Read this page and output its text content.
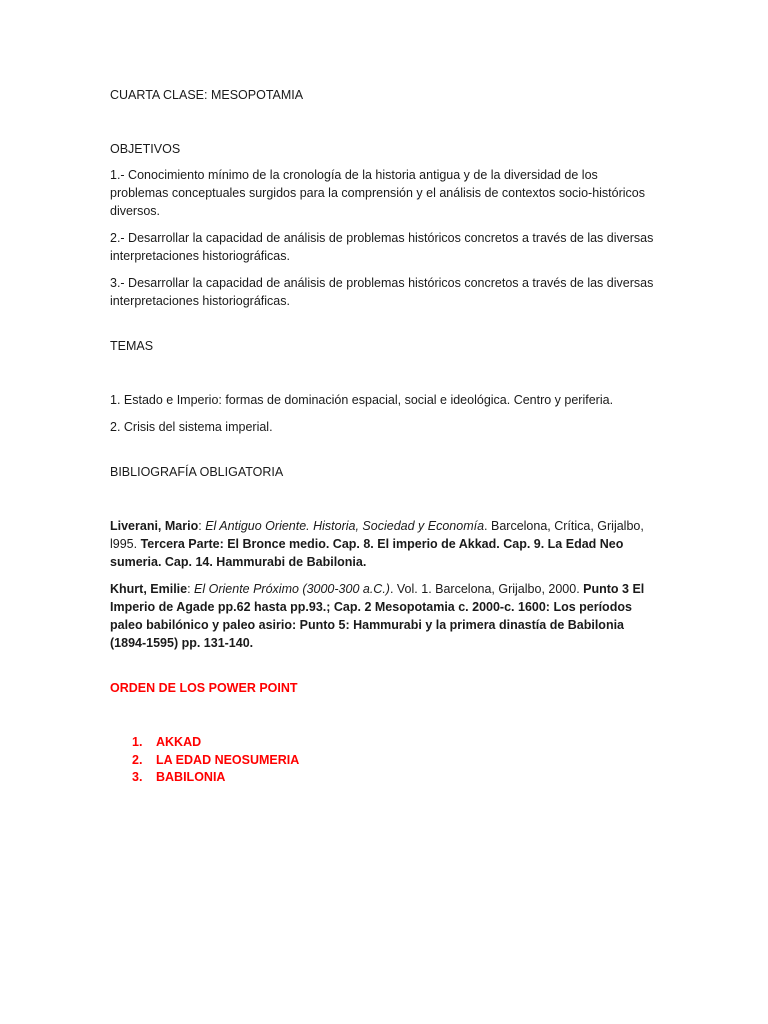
CUARTA CLASE: MESOPOTAMIA

OBJETIVOS

1.- Conocimiento mínimo de la cronología de la historia antigua y de la diversidad de los problemas conceptuales surgidos para la comprensión y el análisis de contextos socio-históricos diversos.

2.- Desarrollar la capacidad de análisis de problemas históricos concretos a través de las diversas interpretaciones historiográficas.

3.- Desarrollar la capacidad de análisis de problemas históricos concretos a través de las diversas interpretaciones historiográficas.

TEMAS

1. Estado e Imperio: formas de dominación espacial, social e ideológica. Centro y periferia.

2. Crisis del sistema imperial.

BIBLIOGRAFÍA OBLIGATORIA

Liverani, Mario: El Antiguo Oriente. Historia, Sociedad y Economía. Barcelona, Crítica, Grijalbo, l995. Tercera Parte: El Bronce medio. Cap. 8. El imperio de Akkad. Cap. 9. La Edad Neo sumeria. Cap. 14. Hammurabi de Babilonia.

Khurt, Emilie: El Oriente Próximo (3000-300 a.C.). Vol. 1. Barcelona, Grijalbo, 2000. Punto 3 El Imperio de Agade pp.62 hasta pp.93.; Cap. 2 Mesopotamia c. 2000-c. 1600: Los períodos paleo babilónico y paleo asirio: Punto 5: Hammurabi y la primera dinastía de Babilonia (1894-1595) pp. 131-140.

ORDEN DE LOS POWER POINT

1. AKKAD
2. LA EDAD NEOSUMERIA
3. BABILONIA
